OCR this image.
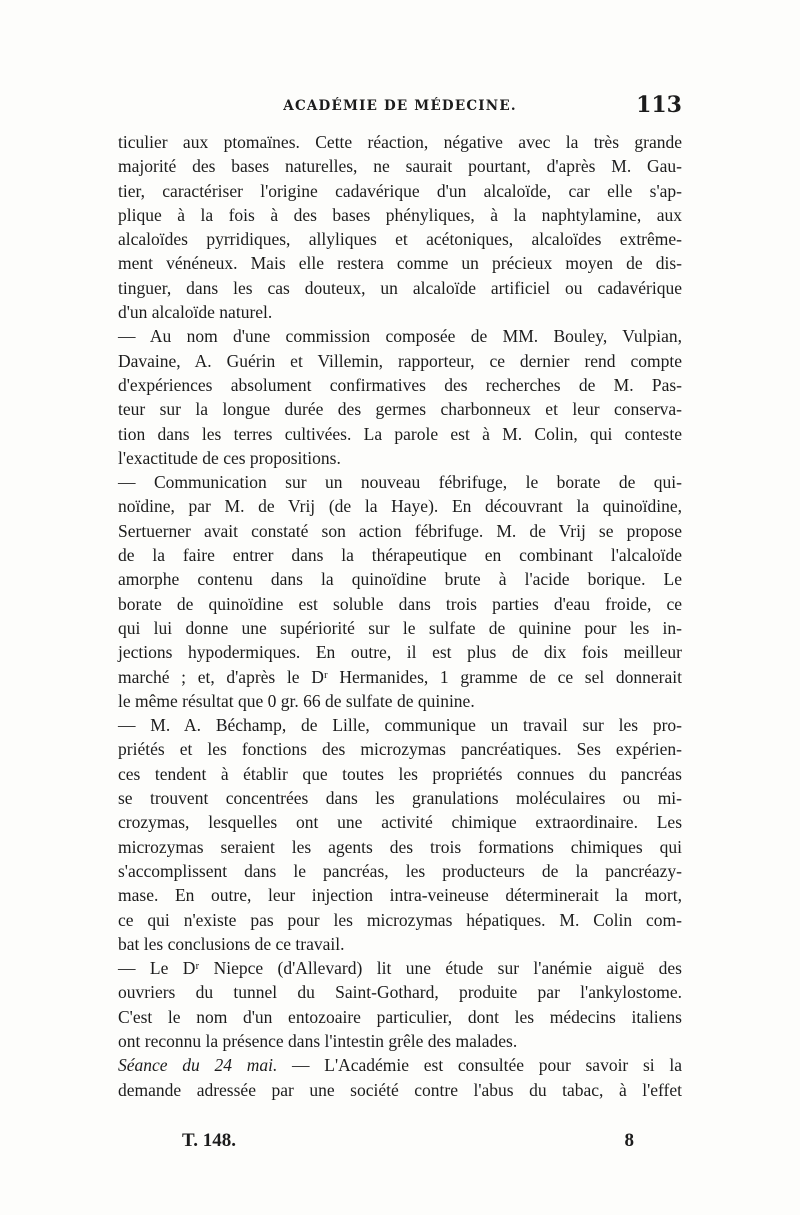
ACADÉMIE DE MÉDECINE.	113
ticulier aux ptomaïnes. Cette réaction, négative avec la très grande
majorité des bases naturelles, ne saurait pourtant, d'après M. Gau-
tier, caractériser l'origine cadavérique d'un alcaloïde, car elle s'ap-
plique à la fois à des bases phényliques, à la naphtylamine, aux
alcaloïdes pyrridiques, allyliques et acétoniques, alcaloïdes extrême-
ment vénéneux. Mais elle restera comme un précieux moyen de dis-
tinguer, dans les cas douteux, un alcaloïde artificiel ou cadavérique
d'un alcaloïde naturel.
— Au nom d'une commission composée de MM. Bouley, Vulpian,
Davaine, A. Guérin et Villemin, rapporteur, ce dernier rend compte
d'expériences absolument confirmatives des recherches de M. Pas-
teur sur la longue durée des germes charbonneux et leur conserva-
tion dans les terres cultivées. La parole est à M. Colin, qui conteste
l'exactitude de ces propositions.
— Communication sur un nouveau fébrifuge, le borate de qui-
noïdine, par M. de Vrij (de la Haye). En découvrant la quinoïdine,
Sertuerner avait constaté son action fébrifuge. M. de Vrij se propose
de la faire entrer dans la thérapeutique en combinant l'alcaloïde
amorphe contenu dans la quinoïdine brute à l'acide borique. Le
borate de quinoïdine est soluble dans trois parties d'eau froide, ce
qui lui donne une supériorité sur le sulfate de quinine pour les in-
jections hypodermiques. En outre, il est plus de dix fois meilleur
marché ; et, d'après le Dʳ Hermanides, 1 gramme de ce sel donnerait
le même résultat que 0 gr. 66 de sulfate de quinine.
— M. A. Béchamp, de Lille, communique un travail sur les pro-
priétés et les fonctions des microzymas pancréatiques. Ses expérien-
ces tendent à établir que toutes les propriétés connues du pancréas
se trouvent concentrées dans les granulations moléculaires ou mi-
crozymas, lesquelles ont une activité chimique extraordinaire. Les
microzymas seraient les agents des trois formations chimiques qui
s'accomplissent dans le pancréas, les producteurs de la pancréazy-
mase. En outre, leur injection intra-veineuse déterminerait la mort,
ce qui n'existe pas pour les microzymas hépatiques. M. Colin com-
bat les conclusions de ce travail.
— Le Dʳ Niepce (d'Allevard) lit une étude sur l'anémie aiguë des
ouvriers du tunnel du Saint-Gothard, produite par l'ankylostome.
C'est le nom d'un entozoaire particulier, dont les médecins italiens
ont reconnu la présence dans l'intestin grêle des malades.
Séance du 24 mai. — L'Académie est consultée pour savoir si la
demande adressée par une société contre l'abus du tabac, à l'effet
T. 148.	8
